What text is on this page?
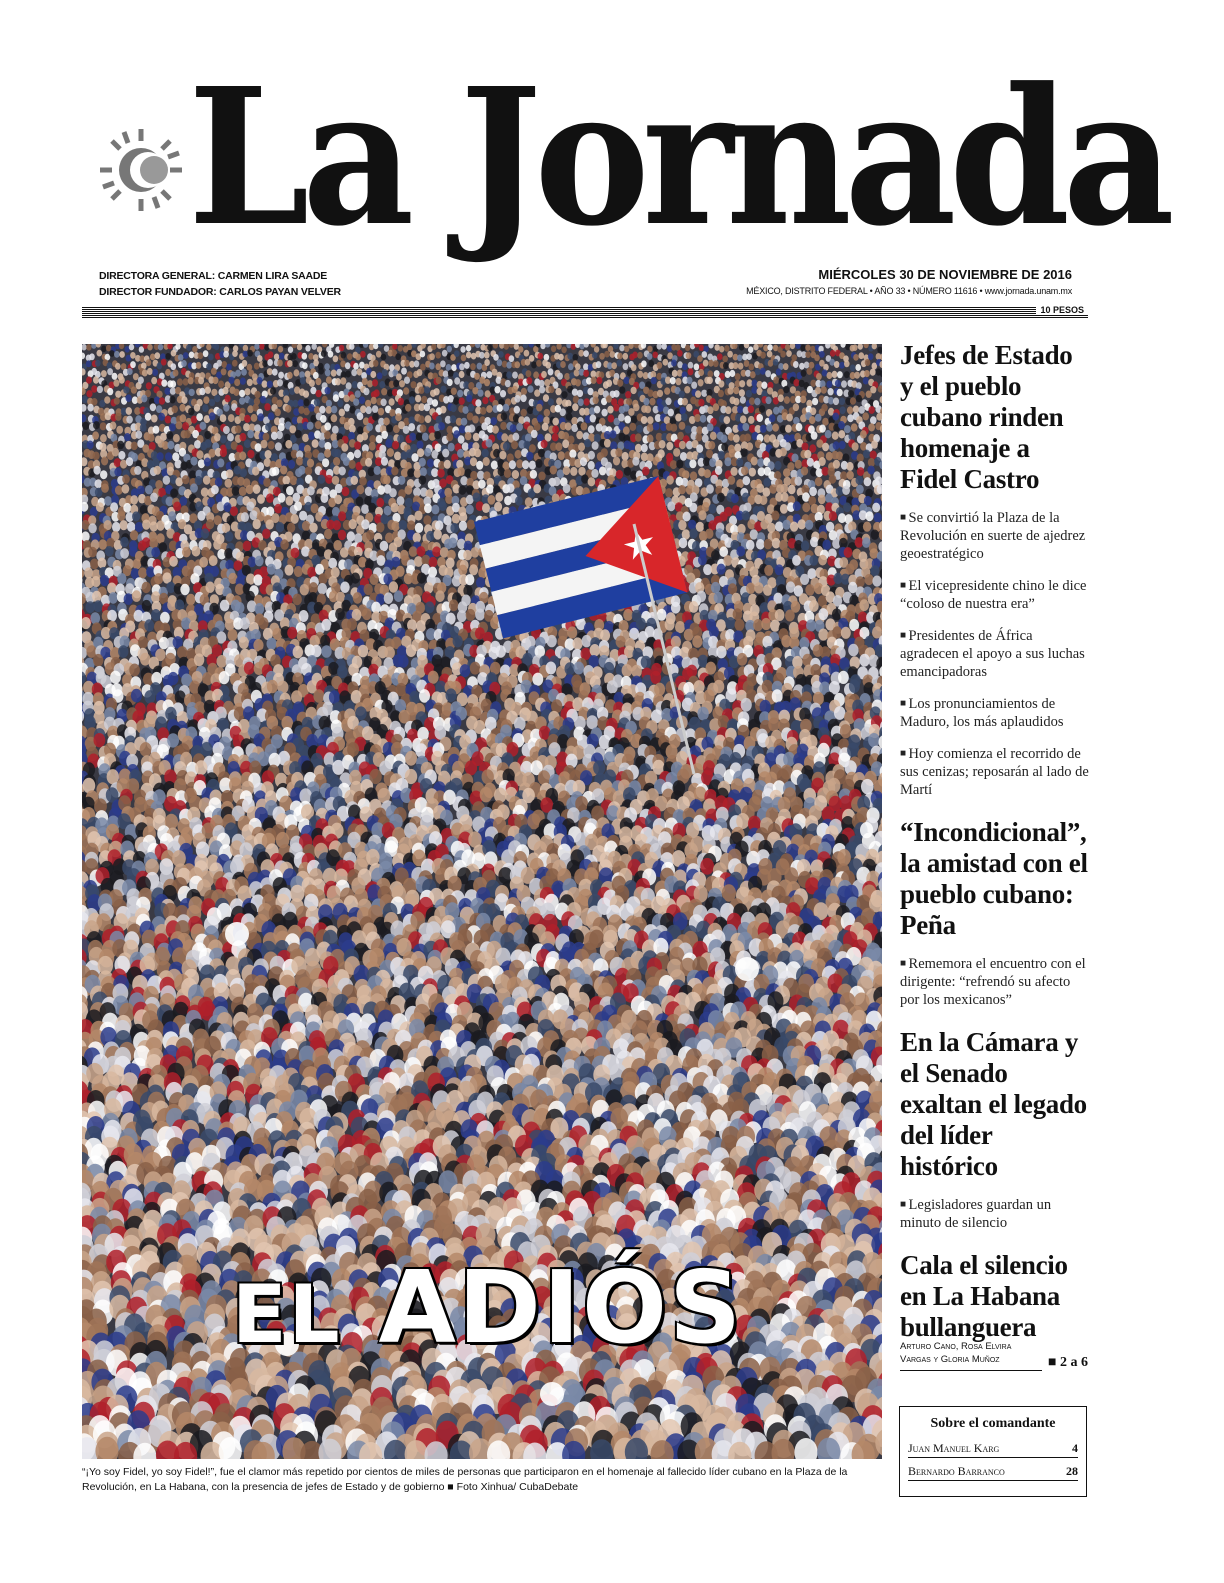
La Jornada
DIRECTORA GENERAL: CARMEN LIRA SAADE
DIRECTOR FUNDADOR: CARLOS PAYAN VELVER
MIÉRCOLES 30 DE NOVIEMBRE DE 2016
MÉXICO, DISTRITO FEDERAL • AÑO 33 • NÚMERO 11616 • www.jornada.unam.mx
10 PESOS
EL ADIÓS
“¡Yo soy Fidel, yo soy Fidel!”, fue el clamor más repetido por cientos de miles de personas que participaron en el homenaje al fallecido líder cubano en la Plaza de la Revolución, en La Habana, con la presencia de jefes de Estado y de gobierno ■ Foto Xinhua/ CubaDebate
Jefes de Estado y el pueblo cubano rinden homenaje a Fidel Castro
■ Se convirtió la Plaza de la Revolución en suerte de ajedrez geoestratégico
■ El vicepresidente chino le dice “coloso de nuestra era”
■ Presidentes de África agradecen el apoyo a sus luchas emancipadoras
■ Los pronunciamientos de Maduro, los más aplaudidos
■ Hoy comienza el recorrido de sus cenizas; reposarán al lado de Martí
“Incondicional”, la amistad con el pueblo cubano: Peña
■ Rememora el encuentro con el dirigente: “refrendó su afecto por los mexicanos”
En la Cámara y el Senado exaltan el legado del líder histórico
■ Legisladores guardan un minuto de silencio
Cala el silencio en La Habana bullanguera
Arturo Cano, Rosa Elvira Vargas y Gloria Muñoz	■ 2 a 6
Sobre el comandante
Juan Manuel Karg	4
Bernardo Barranco	28
